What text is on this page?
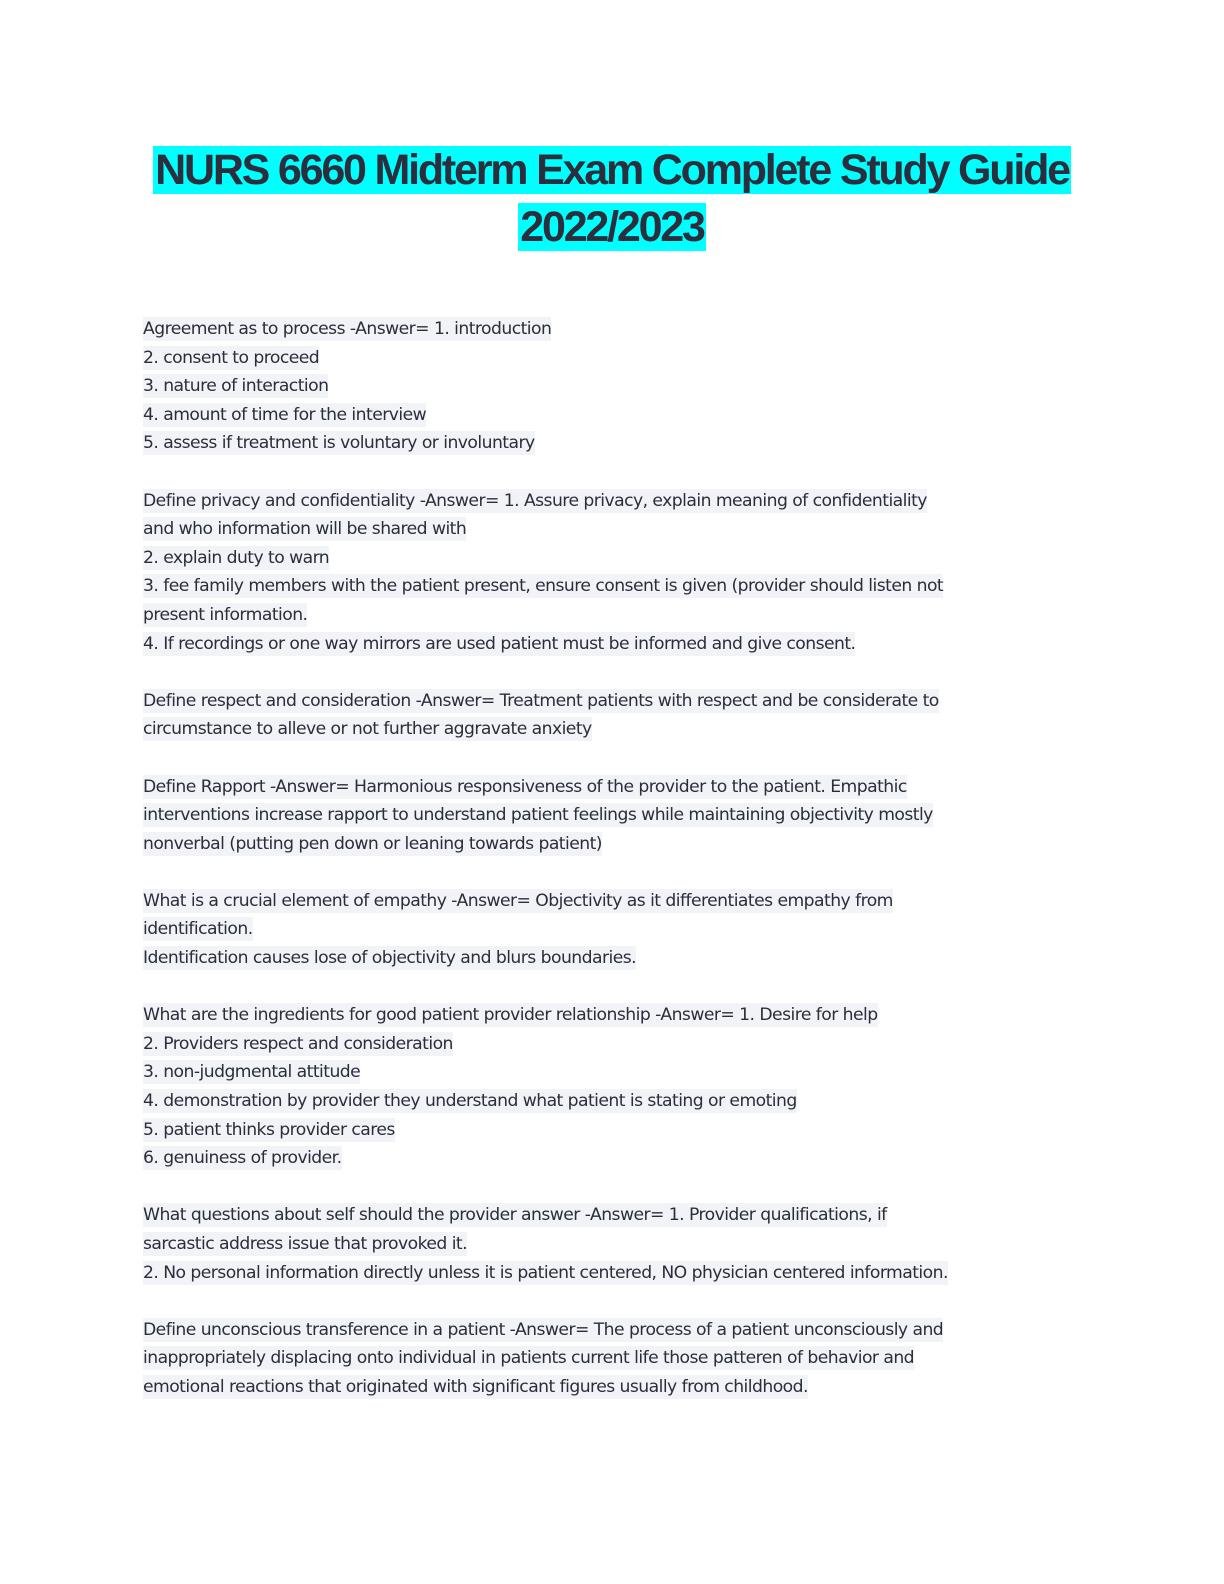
NURS 6660 Midterm Exam Complete Study Guide
2022/2023
Agreement as to process -Answer= 1. introduction
2. consent to proceed
3. nature of interaction
4. amount of time for the interview
5. assess if treatment is voluntary or involuntary
Define privacy and confidentiality -Answer= 1. Assure privacy, explain meaning of confidentiality
and who information will be shared with
2. explain duty to warn
3. fee family members with the patient present, ensure consent is given (provider should listen not
present information.
4. If recordings or one way mirrors are used patient must be informed and give consent.
Define respect and consideration -Answer= Treatment patients with respect and be considerate to
circumstance to alleve or not further aggravate anxiety
Define Rapport -Answer= Harmonious responsiveness of the provider to the patient. Empathic
interventions increase rapport to understand patient feelings while maintaining objectivity mostly
nonverbal (putting pen down or leaning towards patient)
What is a crucial element of empathy -Answer= Objectivity as it differentiates empathy from
identification.
Identification causes lose of objectivity and blurs boundaries.
What are the ingredients for good patient provider relationship -Answer= 1. Desire for help
2. Providers respect and consideration
3. non-judgmental attitude
4. demonstration by provider they understand what patient is stating or emoting
5. patient thinks provider cares
6. genuiness of provider.
What questions about self should the provider answer -Answer= 1. Provider qualifications, if
sarcastic address issue that provoked it.
2. No personal information directly unless it is patient centered, NO physician centered information.
Define unconscious transference in a patient -Answer= The process of a patient unconsciously and
inappropriately displacing onto individual in patients current life those patteren of behavior and
emotional reactions that originated with significant figures usually from childhood.
